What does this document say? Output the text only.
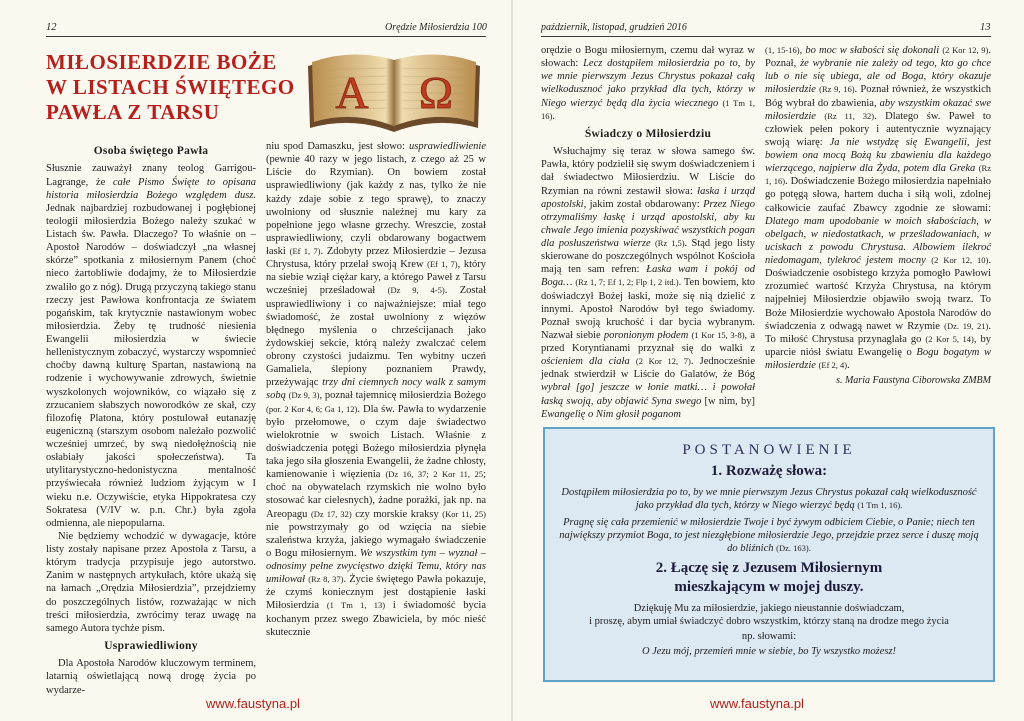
12	Orędzie Miłosierdzia 100
MIŁOSIERDZIE BOŻE
W LISTACH ŚWIĘTEGO
PAWŁA Z TARSU	Α Ω
Osoba świętego Pawła

Słusznie zauważył znany teolog Garrigou-Lagrange, że całe Pismo Święte to opisana historia miłosierdzia Bożego względem dusz. Jednak najbardziej rozbudowanej i pogłębionej teologii miłosierdzia Bożego należy szukać w Listach św. Pawła. Dlaczego? To właśnie on – Apostoł Narodów – doświadczył „na własnej skórze” spotkania z miłosiernym Panem (choć nieco żartobliwie dodajmy, że to Miłosierdzie zwaliło go z nóg). Drugą przyczyną takiego stanu rzeczy jest Pawłowa konfrontacja ze światem pogańskim, tak krytycznie nastawionym wobec miłosierdzia. Żeby tę trudność niesienia Ewangelii miłosierdzia w świecie hellenistycznym zobaczyć, wystarczy wspomnieć choćby dawną kulturę Spartan, nastawioną na rodzenie i wychowywanie zdrowych, świetnie wyszkolonych wojowników, co wiązało się z zrzucaniem słabszych noworodków ze skał, czy filozofię Platona, który postulował eutanazję eugeniczną (starszym osobom należało pozwolić wcześniej umrzeć, by swą niedołężnością nie osłabiały jakości społeczeństwa). Ta utylitarystyczno-hedonistyczna mentalność przyświecała również ludziom żyjącym w I wieku n.e. Oczywiście, etyka Hippokratesa czy Sokratesa (V/IV w. p.n. Chr.) była zgoła odmienna, ale niepopularna.

Nie będziemy wchodzić w dywagacje, które listy zostały napisane przez Apostoła z Tarsu, a którym tradycja przypisuje jego autorstwo. Zanim w następnych artykułach, które ukażą się na łamach „Orędzia Miłosierdzia”, przejdziemy do poszczególnych listów, rozważając w nich treści miłosierdzia, zwrócimy teraz uwagę na samego Autora tychże pism.

Usprawiedliwiony

Dla Apostoła Narodów kluczowym terminem, latarnią oświetlającą nową drogę życia po wydarze-

niu spod Damaszku, jest słowo: usprawiedliwienie (pewnie 40 razy w jego listach, z czego aż 25 w Liście do Rzymian). On bowiem został usprawiedliwiony (jak każdy z nas, tylko że nie każdy zdaje sobie z tego sprawę), to znaczy uwolniony od słusznie należnej mu kary za popełnione jego własne grzechy. Wreszcie, został usprawiedliwiony, czyli obdarowany bogactwem łaski (Ef 1, 7). Zdobyty przez Miłosierdzie – Jezusa Chrystusa, który przelał swoją Krew (Ef 1, 7), który na siebie wziął ciężar kary, a którego Paweł z Tarsu wcześniej prześladował (Dz 9, 4-5). Został usprawiedliwiony i co najważniejsze: miał tego świadomość, że został uwolniony z więzów błędnego myślenia o chrześcijanach jako żydowskiej sekcie, którą należy zwalczać celem obrony czystości judaizmu. Ten wybitny uczeń Gamaliela, ślepiony poznaniem Prawdy, przeżywając trzy dni ciemnych nocy walk z samym sobą (Dz 9, 3), poznał tajemnicę miłosierdzia Bożego (por. 2 Kor 4, 6; Ga 1, 12). Dla św. Pawła to wydarzenie było przełomowe, o czym daje świadectwo wielokrotnie w swoich Listach. Właśnie z doświadczenia potęgi Bożego miłosierdzia płynęła taka jego siła głoszenia Ewangelii, że żadne chłosty, kamienowanie i więzienia (Dz 16, 37; 2 Kor 11, 25; choć na obywatelach rzymskich nie wolno było stosować kar cielesnych), żadne porażki, jak np. na Areopagu (Dz 17, 32) czy morskie kraksy (Kor 11, 25) nie powstrzymały go od wzięcia na siebie szaleństwa krzyża, jakiego wymagało świadczenie o Bogu miłosiernym. We wszystkim tym – wyznał – odnosimy pełne zwycięstwo dzięki Temu, który nas umiłował (Rz 8, 37). Życie świętego Pawła pokazuje, że czymś koniecznym jest dostąpienie łaski Miłosierdzia (1 Tm 1, 13) i świadomość bycia kochanym przez swego Zbawiciela, by móc nieść skutecznie

www.faustyna.pl
październik, listopad, grudzień 2016	13

orędzie o Bogu miłosiernym, czemu dał wyraz w słowach: Lecz dostąpiłem miłosierdzia po to, by we mnie pierwszym Jezus Chrystus pokazał całą wielkodusznoć jako przykład dla tych, którzy w Niego wierzyć będą dla życia wiecznego (1 Tm 1, 16).

Świadczy o Miłosierdziu

Wsłuchajmy się teraz w słowa samego św. Pawła, który podzielił się swym doświadczeniem i dał świadectwo Miłosierdziu. W Liście do Rzymian na równi zestawił słowa: łaska i urząd apostolski, jakim został obdarowany: Przez Niego otrzymaliśmy łaskę i urząd apostolski, aby ku chwale Jego imienia pozyskiwać wszystkich pogan dla posłuszeństwa wierze (Rz 1,5). Stąd jego listy skierowane do poszczególnych wspólnot Kościoła mają ten sam refren: Łaska wam i pokój od Boga… (Rz 1, 7; Ef 1, 2; Flp 1, 2 itd.). Ten bowiem, kto doświadczył Bożej łaski, może się nią dzielić z innymi. Apostoł Narodów był tego świadomy. Poznał swoją kruchość i dar bycia wybranym. Nazwał siebie poronionym płodem (1 Kor 15, 3-8), a przed Koryntianami przyznał się do walki z ościeniem dla ciała (2 Kor 12, 7). Jednocześnie jednak stwierdził w Liście do Galatów, że Bóg wybrał [go] jeszcze w łonie matki… i powołał łaską swoją, aby objawić Syna swego [w nim, by] Ewangelię o Nim głosił poganom

(1, 15-16), bo moc w słabości się dokonali (2 Kor 12, 9). Poznał, że wybranie nie zależy od tego, kto go chce lub o nie się ubiega, ale od Boga, który okazuje miłosierdzie (Rz 9, 16). Poznał również, że wszystkich Bóg wybrał do zbawienia, aby wszystkim okazać swe miłosierdzie (Rz 11, 32). Dlatego św. Paweł to człowiek pełen pokory i autentycznie wyznający swoją wiarę: Ja nie wstydzę się Ewangelii, jest bowiem ona mocą Bożą ku zbawieniu dla każdego wierzącego, najpierw dla Żyda, potem dla Greka (Rz 1, 16). Doświadczenie Bożego miłosierdzia napełniało go potęgą słowa, hartem ducha i siłą woli, zdolnej całkowicie zaufać Zbawcy zgodnie ze słowami: Dlatego mam upodobanie w moich słabościach, w obelgach, w niedostatkach, w prześladowaniach, w uciskach z powodu Chrystusa. Albowiem ilekroć niedomagam, tylekroć jestem mocny (2 Kor 12, 10). Doświadczenie osobistego krzyża pomogło Pawłowi zrozumieć wartość Krzyża Chrystusa, na którym najpełniej Miłosierdzie objawiło swoją twarz. To Boże Miłosierdzie wychowało Apostoła Narodów do świadczenia z odwagą nawet w Rzymie (Dz. 19, 21). To miłość Chrystusa przynaglała go (2 Kor 5, 14), by uparcie niósł światu Ewangelię o Bogu bogatym w miłosierdzie (Ef 2, 4).

s. Maria Faustyna Ciborowska ZMBM
POSTANOWIENIE
1. Rozważę słowa:

Dostąpiłem miłosierdzia po to, by we mnie pierwszym Jezus Chrystus pokazał całą wielkoduszność jako przykład dla tych, którzy w Niego wierzyć będą (1 Tm 1, 16).

Pragnę się cała przemienić w miłosierdzie Twoje i być żywym odbiciem Ciebie, o Panie; niech ten największy przymiot Boga, to jest niezgłębione miłosierdzie Jego, przejdzie przez serce i duszę moją do bliźnich (Dz. 163).

2. Łączę się z Jezusem Miłosiernym
mieszkającym w mojej duszy.

Dziękuję Mu za miłosierdzie, jakiego nieustannie doświadczam,

i proszę, abym umiał świadczyć dobro wszystkim, którzy staną na drodze mego życia

np. słowami:

O Jezu mój, przemień mnie w siebie, bo Ty wszystko możesz!

www.faustyna.pl
